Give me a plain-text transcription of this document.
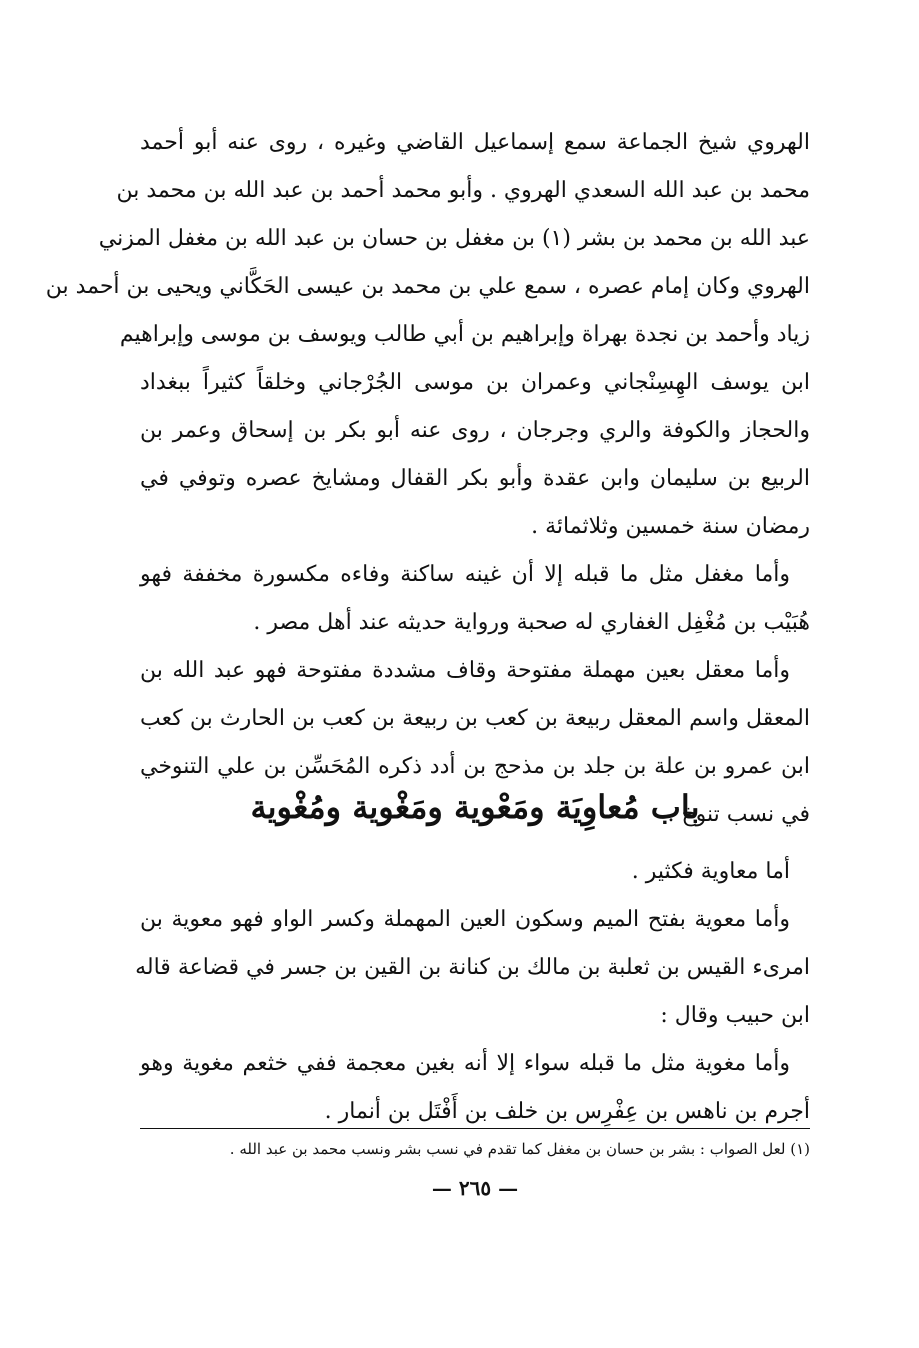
الهروي شيخ الجماعة سمع إسماعيل القاضي وغيره ، روى عنه أبو أحمد
محمد بن عبد الله السعدي الهروي . وأبو محمد أحمد بن عبد الله بن محمد بن
عبد الله بن محمد بن بشر (١) بن مغفل بن حسان بن عبد الله بن مغفل المزني
الهروي وكان إمام عصره ، سمع علي بن محمد بن عيسى الحَكَّاني ويحيى بن أحمد بن
زياد وأحمد بن نجدة بهراة وإبراهيم بن أبي طالب ويوسف بن موسى وإبراهيم
ابن يوسف الهِسِنْجاني وعمران بن موسى الجُرْجاني وخلقاً كثيراً ببغداد
والحجاز والكوفة والري وجرجان ، روى عنه أبو بكر بن إسحاق وعمر بن
الربيع بن سليمان وابن عقدة وأبو بكر القفال ومشايخ عصره وتوفي في
رمضان سنة خمسين وثلاثمائة .
وأما مغفل مثل ما قبله إلا أن غينه ساكنة وفاءه مكسورة مخففة فهو
هُبَيْب بن مُغْفِل الغفاري له صحبة ورواية حديثه عند أهل مصر .
وأما معقل بعين مهملة مفتوحة وقاف مشددة مفتوحة فهو عبد الله بن
المعقل واسم المعقل ربيعة بن كعب بن ربيعة بن كعب بن الحارث بن كعب
ابن عمرو بن علة بن جلد بن مذحج بن أدد ذكره المُحَسِّن بن علي التنوخي
في نسب تنوخ .
باب مُعاوِيَة ومَعْوية ومَغْوية ومُغْوية
أما معاوية فكثير .
وأما معوية بفتح الميم وسكون العين المهملة وكسر الواو فهو معوية بن
امرىء القيس بن ثعلبة بن مالك بن كنانة بن القين بن جسر في قضاعة قاله
ابن حبيب وقال :
وأما مغوية مثل ما قبله سواء إلا أنه بغين معجمة ففي خثعم مغوية وهو
أجرم بن ناهس بن عِفْرِس بن خلف بن أَفْتَل بن أنمار .
(١) لعل الصواب : بشر بن حسان بن مغفل كما تقدم في نسب بشر ونسب محمد بن عبد الله .
— ٢٦٥ —
